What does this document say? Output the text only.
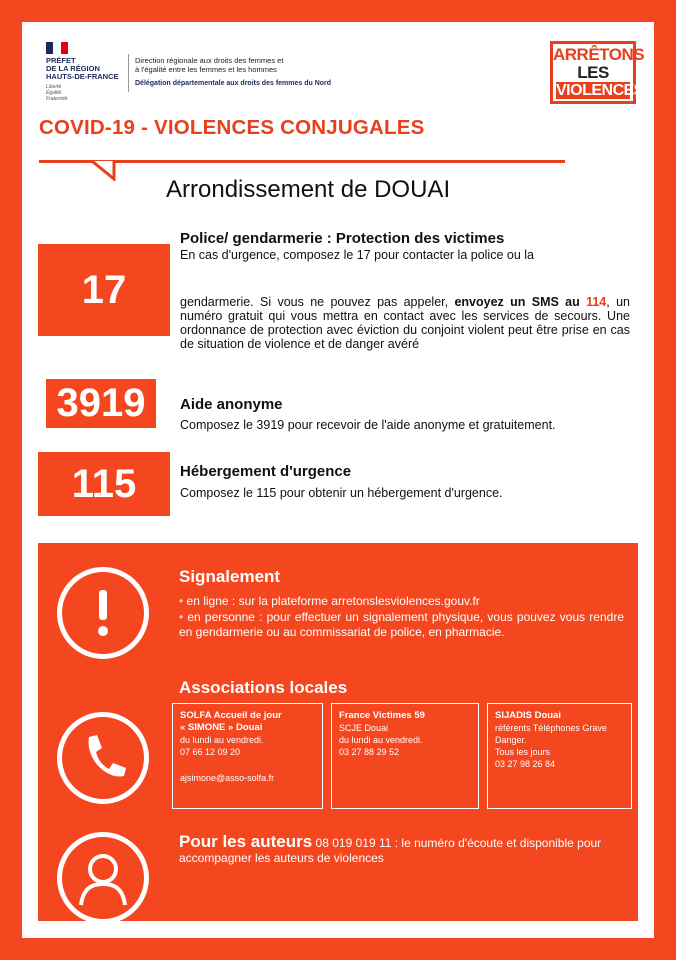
PRÉFET
DE LA RÉGION
HAUTS-DE-FRANCE
Liberté
Égalité
Fraternité
Direction régionale aux droits des femmes et
à l'égalité entre les femmes et les hommes
Délégation départementale aux droits des femmes du Nord
ARRÊTONS
LES
VIOLENCES
COVID-19 - VIOLENCES CONJUGALES
Arrondissement de DOUAI
17
Police/ gendarmerie : Protection des victimes
En cas d'urgence, composez le 17 pour contacter la police ou la
gendarmerie. Si vous ne pouvez pas appeler, envoyez un SMS au 114, un numéro gratuit qui vous mettra en contact avec les services de secours. Une ordonnance de protection avec éviction du conjoint violent peut être prise en cas de situation de violence et de danger avéré
3919	Aide anonyme
Composez le 3919 pour recevoir de l'aide anonyme et gratuitement.
115	Hébergement d'urgence
Composez le 115 pour obtenir un hébergement d'urgence.
Signalement
• en ligne : sur la plateforme arretonslesviolences.gouv.fr
• en personne : pour effectuer un signalement physique, vous pouvez vous rendre en gendarmerie ou au commissariat de police, en pharmacie.
Associations locales
SOLFA Accueil de jour
« SIMONE » Douai
du lundi au vendredi.
07 66 12 09 20
ajsimone@asso-solfa.fr
France Victimes 59
SCJE Douai
du lundi au vendredi.
03 27 88 29 52
SIJADIS Douai
référents Téléphones Grave
Danger.
Tous les jours
03 27 98 26 84
Pour les auteurs 08 019 019 11 : le numéro d'écoute et disponible pour accompagner les auteurs de violences
